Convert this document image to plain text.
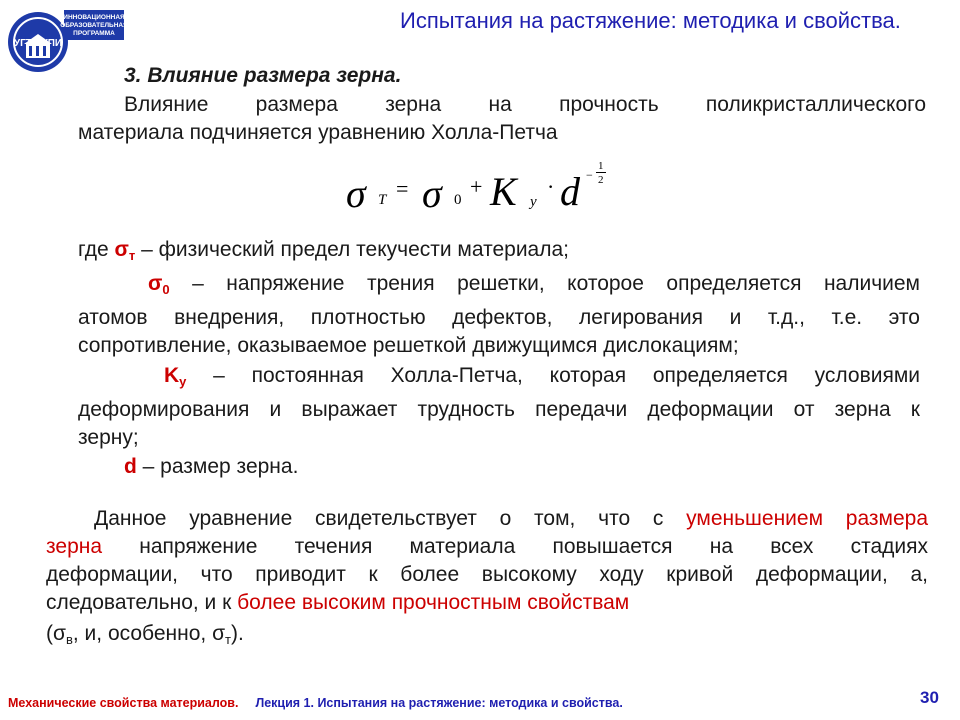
ИННОВАЦИОННАЯ
ОБРАЗОВАТЕЛЬНАЯ
ПРОГРАММА
УГТУ-УПИ
Испытания на растяжение: методика и свойства.
3. Влияние размера зерна.
Влияние размера зерна на прочность поликристаллического
материала подчиняется уравнению Холла-Петча
σ T = σ 0
+ K y
· d −
1
2
где $\sigma_т$ – физический предел текучести материала;
$\sigma_0$ – напряжение трения решетки, которое определяется наличием
атомов внедрения, плотностью дефектов, легирования и т.д., т.е. это
сопротивление, оказываемое решеткой движущимся дислокациям;
$K_у$ – постоянная Холла-Петча, которая определяется условиями
деформирования и выражает трудность передачи деформации от зерна к
зерну;
d – размер зерна.
Данное уравнение свидетельствует о том, что с уменьшением размера
зерна напряжение течения материала повышается на всех стадиях
деформации, что приводит к более высокому ходу кривой деформации, а,
следовательно, и к более высоким прочностным свойствам
($\sigma_в$, и, особенно, $\sigma_т$).
Механические свойства материалов. Лекция 1. Испытания на растяжение: методика и свойства.	30
